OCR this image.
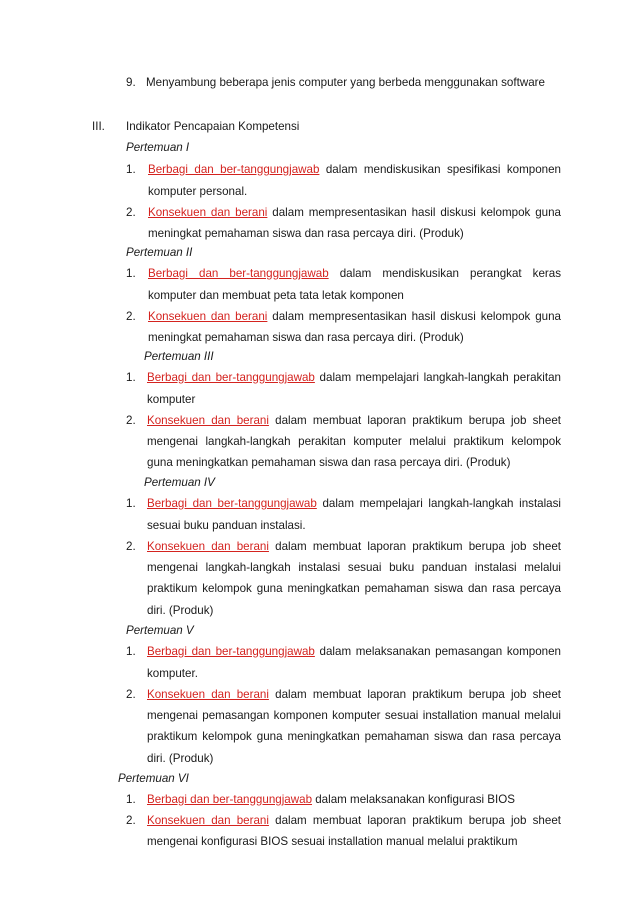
9. Menyambung beberapa jenis computer yang berbeda menggunakan software
III. Indikator Pencapaian Kompetensi
Pertemuan I
1. Berbagi dan ber-tanggungjawab dalam mendiskusikan spesifikasi komponen
komputer personal.
2. Konsekuen dan berani dalam mempresentasikan hasil diskusi kelompok guna
meningkat pemahaman siswa dan rasa percaya diri. (Produk)
Pertemuan II
1. Berbagi dan ber-tanggungjawab dalam mendiskusikan perangkat keras
komputer dan membuat peta tata letak komponen
2. Konsekuen dan berani dalam mempresentasikan hasil diskusi kelompok guna
meningkat pemahaman siswa dan rasa percaya diri. (Produk)
Pertemuan III
1. Berbagi dan ber-tanggungjawab dalam mempelajari langkah-langkah perakitan
komputer
2. Konsekuen dan berani dalam membuat laporan praktikum berupa job sheet
mengenai langkah-langkah perakitan komputer melalui praktikum kelompok
guna meningkatkan pemahaman siswa dan rasa percaya diri. (Produk)
Pertemuan IV
1. Berbagi dan ber-tanggungjawab dalam mempelajari langkah-langkah instalasi
sesuai buku panduan instalasi.
2. Konsekuen dan berani dalam membuat laporan praktikum berupa job sheet
mengenai langkah-langkah instalasi sesuai buku panduan instalasi melalui
praktikum kelompok guna meningkatkan pemahaman siswa dan rasa percaya
diri. (Produk)
Pertemuan V
1. Berbagi dan ber-tanggungjawab dalam melaksanakan pemasangan komponen
komputer.
2. Konsekuen dan berani dalam membuat laporan praktikum berupa job sheet
mengenai pemasangan komponen komputer sesuai installation manual melalui
praktikum kelompok guna meningkatkan pemahaman siswa dan rasa percaya
diri. (Produk)
Pertemuan VI
1. Berbagi dan ber-tanggungjawab dalam melaksanakan konfigurasi BIOS
2. Konsekuen dan berani dalam membuat laporan praktikum berupa job sheet
mengenai konfigurasi BIOS sesuai installation manual melalui praktikum
